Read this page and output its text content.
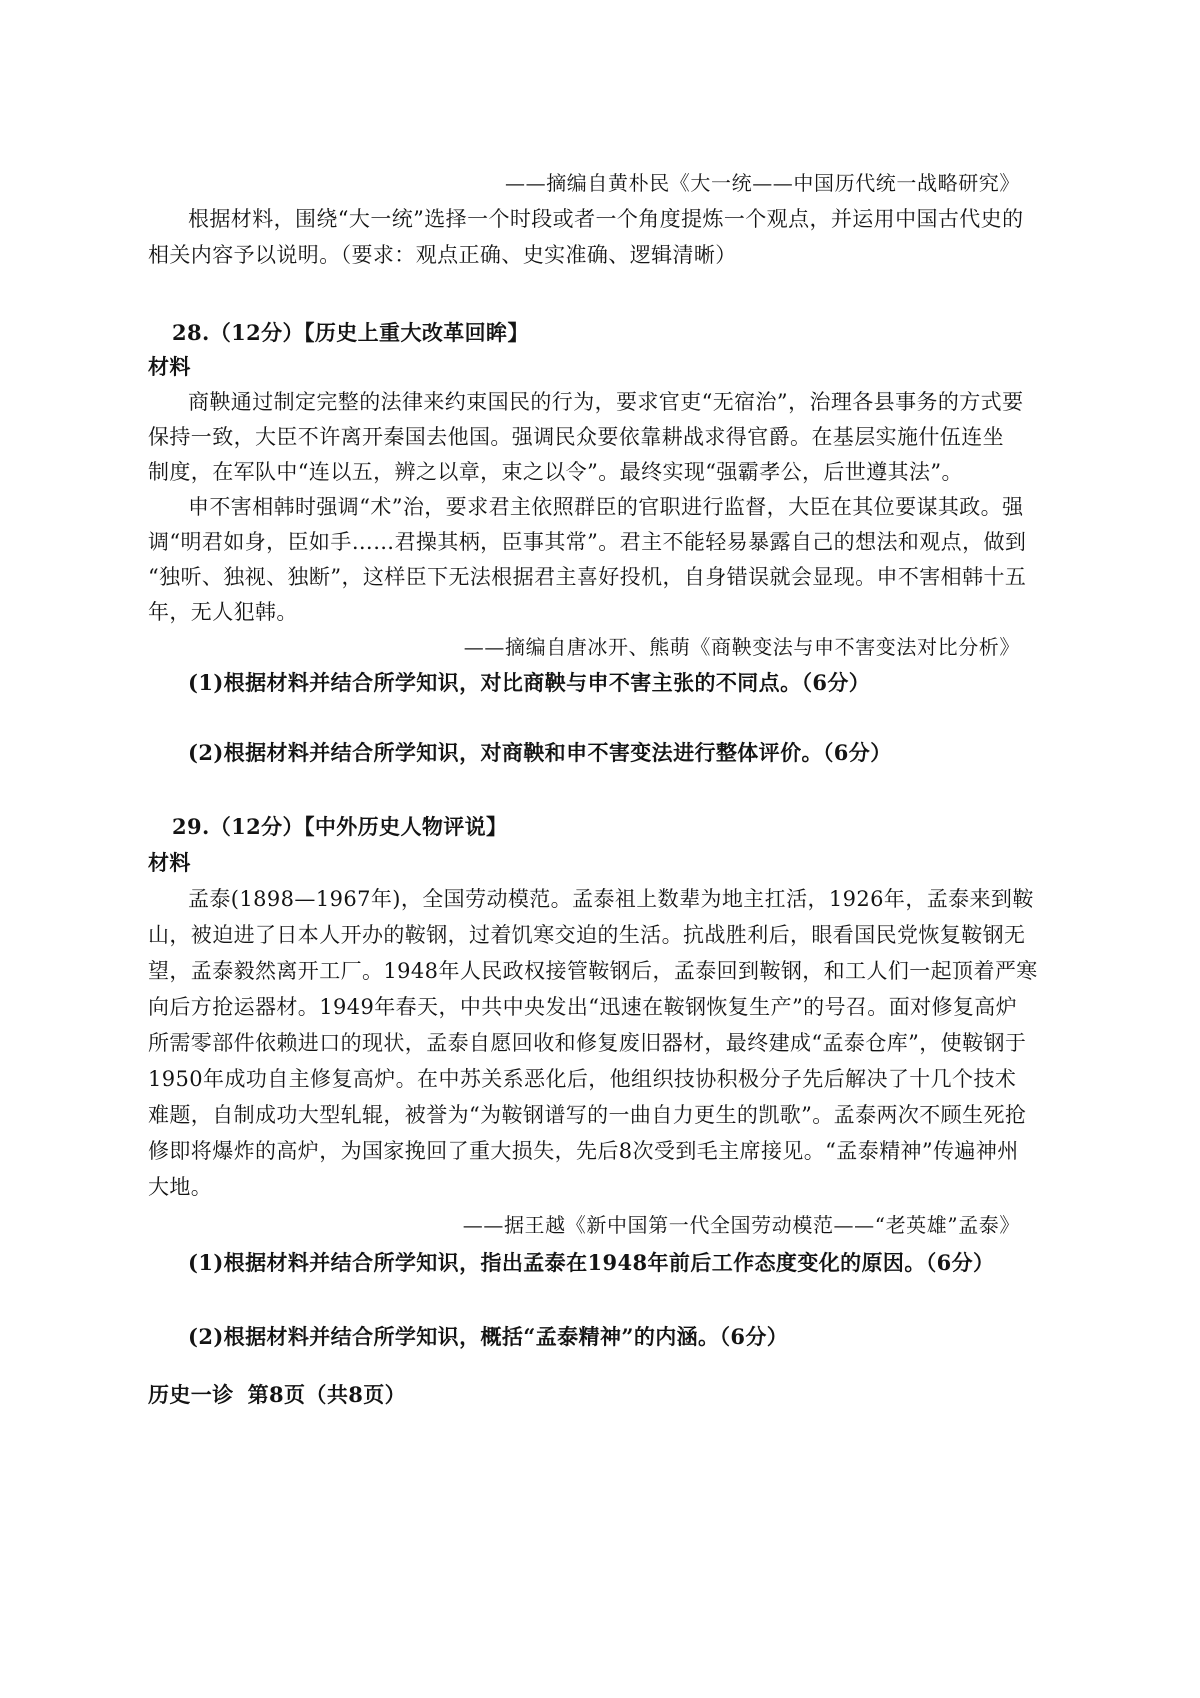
——摘编自黄朴民《大一统——中国历代统一战略研究》

根据材料，围绕“大一统”选择一个时段或者一个角度提炼一个观点，并运用中国古代史的

相关内容予以说明。（要求：观点正确、史实准确、逻辑清晰）

28.（12分）【历史上重大改革回眸】

材料

商鞅通过制定完整的法律来约束国民的行为，要求官吏“无宿治”，治理各县事务的方式要

保持一致，大臣不许离开秦国去他国。强调民众要依靠耕战求得官爵。在基层实施什伍连坐

制度，在军队中“连以五，辨之以章，束之以令”。最终实现“强霸孝公，后世遵其法”。

申不害相韩时强调“术”治，要求君主依照群臣的官职进行监督，大臣在其位要谋其政。强

调“明君如身，臣如手……君操其柄，臣事其常”。君主不能轻易暴露自己的想法和观点，做到

“独听、独视、独断”，这样臣下无法根据君主喜好投机，自身错误就会显现。申不害相韩十五

年，无人犯韩。

——摘编自唐冰开、熊萌《商鞅变法与申不害变法对比分析》

(1)根据材料并结合所学知识，对比商鞅与申不害主张的不同点。（6分）

(2)根据材料并结合所学知识，对商鞅和申不害变法进行整体评价。（6分）

29.（12分）【中外历史人物评说】

材料

孟泰(1898—1967年)，全国劳动模范。孟泰祖上数辈为地主扛活，1926年，孟泰来到鞍

山，被迫进了日本人开办的鞍钢，过着饥寒交迫的生活。抗战胜利后，眼看国民党恢复鞍钢无

望，孟泰毅然离开工厂。1948年人民政权接管鞍钢后，孟泰回到鞍钢，和工人们一起顶着严寒

向后方抢运器材。1949年春天，中共中央发出“迅速在鞍钢恢复生产”的号召。面对修复高炉

所需零部件依赖进口的现状，孟泰自愿回收和修复废旧器材，最终建成“孟泰仓库”，使鞍钢于

1950年成功自主修复高炉。在中苏关系恶化后，他组织技协积极分子先后解决了十几个技术

难题，自制成功大型轧辊，被誉为“为鞍钢谱写的一曲自力更生的凯歌”。孟泰两次不顾生死抢

修即将爆炸的高炉，为国家挽回了重大损失，先后8次受到毛主席接见。“孟泰精神”传遍神州

大地。

——据王越《新中国第一代全国劳动模范——“老英雄”孟泰》

(1)根据材料并结合所学知识，指出孟泰在1948年前后工作态度变化的原因。（6分）

(2)根据材料并结合所学知识，概括“孟泰精神”的内涵。（6分）

历史一诊 第8页（共8页）
